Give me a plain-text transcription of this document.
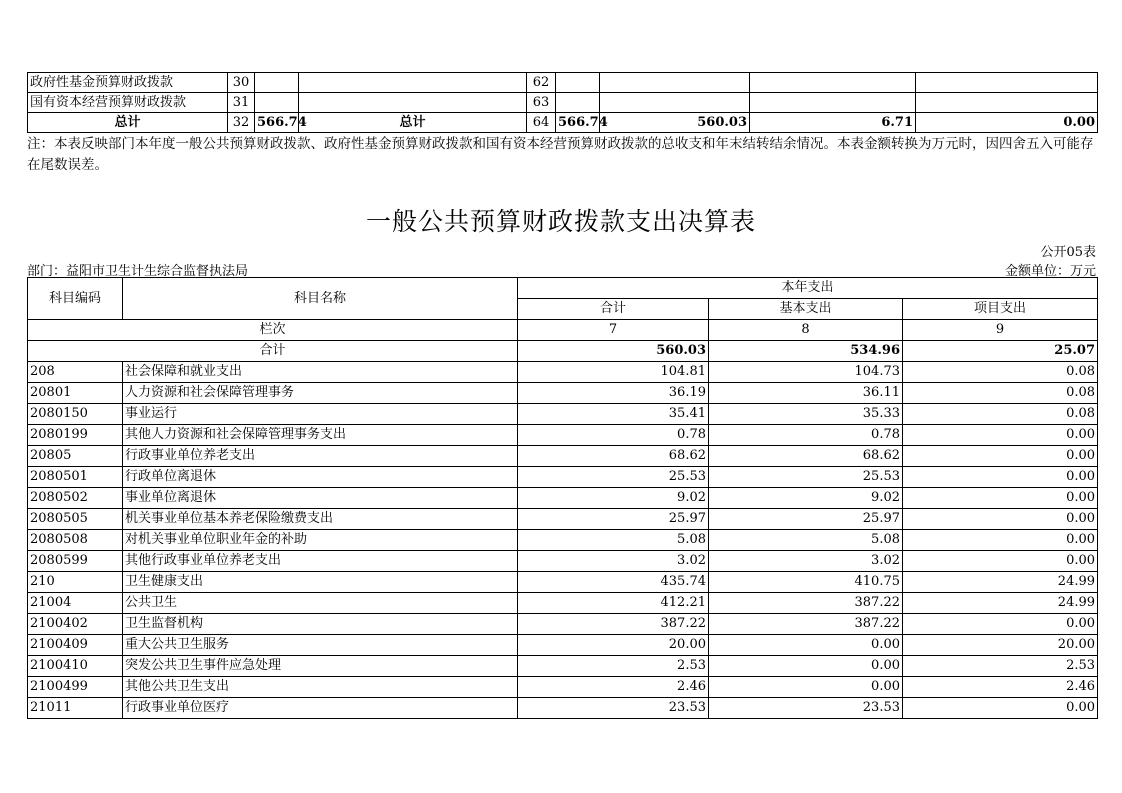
政府性基金预算财政拨款	30			62				
国有资本经营预算财政拨款	31			63				
总计	32	566.74	总计	64	566.74	560.03	6.71	0.00
注：本表反映部门本年度一般公共预算财政拨款、政府性基金预算财政拨款和国有资本经营预算财政拨款的总收支和年末结转结余情况。本表金额转换为万元时，因四舍五入可能存在尾数误差。
一般公共预算财政拨款支出决算表
公开05表
部门：益阳市卫生计生综合监督执法局	金额单位：万元
科目编码	科目名称	本年支出		
		合计	基本支出	项目支出
栏次		7	8	9
合计		560.03	534.96	25.07
208	社会保障和就业支出	104.81	104.73	0.08
20801	人力资源和社会保障管理事务	36.19	36.11	0.08
2080150	事业运行	35.41	35.33	0.08
2080199	其他人力资源和社会保障管理事务支出	0.78	0.78	0.00
20805	行政事业单位养老支出	68.62	68.62	0.00
2080501	行政单位离退休	25.53	25.53	0.00
2080502	事业单位离退休	9.02	9.02	0.00
2080505	机关事业单位基本养老保险缴费支出	25.97	25.97	0.00
2080508	对机关事业单位职业年金的补助	5.08	5.08	0.00
2080599	其他行政事业单位养老支出	3.02	3.02	0.00
210	卫生健康支出	435.74	410.75	24.99
21004	公共卫生	412.21	387.22	24.99
2100402	卫生监督机构	387.22	387.22	0.00
2100409	重大公共卫生服务	20.00	0.00	20.00
2100410	突发公共卫生事件应急处理	2.53	0.00	2.53
2100499	其他公共卫生支出	2.46	0.00	2.46
21011	行政事业单位医疗	23.53	23.53	0.00
